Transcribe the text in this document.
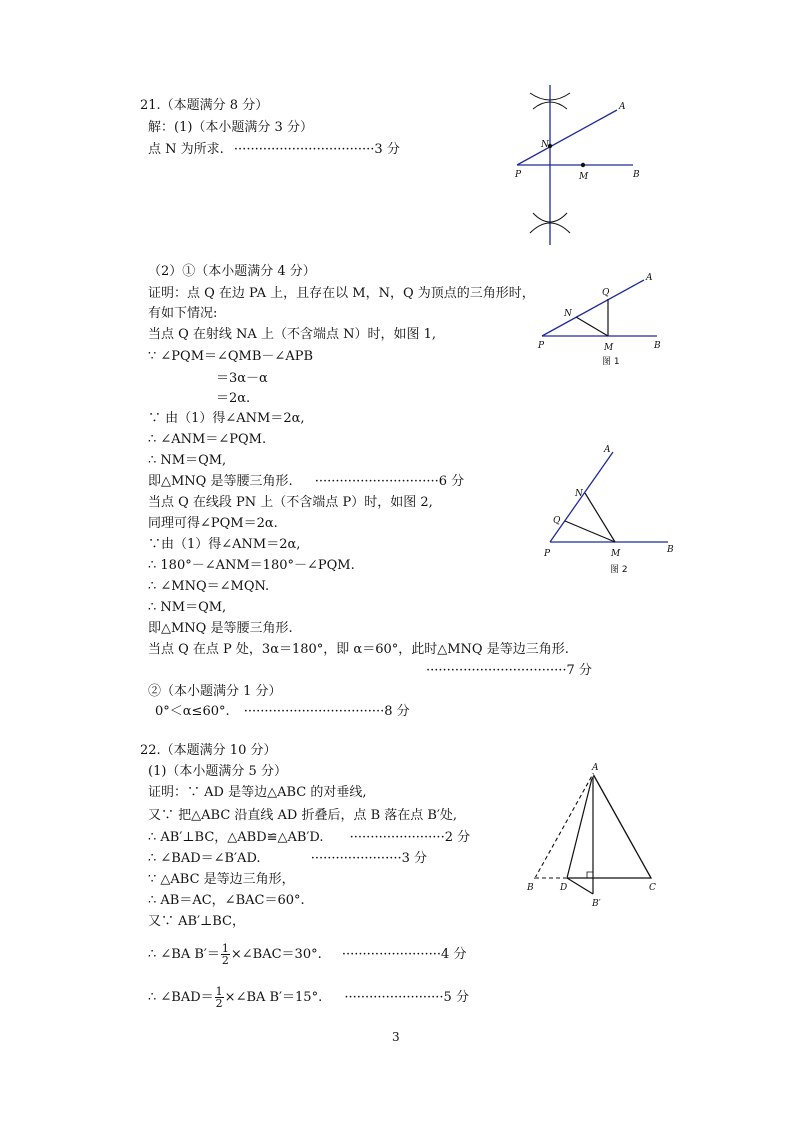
21.（本题满分 8 分）
解：(1)（本小题满分 3 分）
点 N 为所求. ··································3 分
A
N
P	M	B
（2）①（本小题满分 4 分）
证明：点 Q 在边 PA 上，且存在以 M，N，Q 为顶点的三角形时，
有如下情况:
当点 Q 在射线 NA 上（不含端点 N）时，如图 1,
∵ ∠PQM＝∠QMB－∠APB
＝3α－α
＝2α.
∵ 由（1）得∠ANM＝2α,
∴ ∠ANM＝∠PQM.
∴ NM＝QM,
即△MNQ 是等腰三角形. ······························6 分
当点 Q 在线段 PN 上（不含端点 P）时，如图 2,
同理可得∠PQM＝2α.
∵由（1）得∠ANM＝2α,
∴ 180°－∠ANM＝180°－∠PQM.
∴ ∠MNQ＝∠MQN.
∴ NM＝QM,
即△MNQ 是等腰三角形.
当点 Q 在点 P 处，3α＝180°，即 α＝60°，此时△MNQ 是等边三角形.
··································7 分
②（本小题满分 1 分）
0°＜α≤60°. ··································8 分
A
Q
N
P	M	B
图 1
A
N
Q
P	M	B
图 2
22.（本题满分 10 分）
(1)（本小题满分 5 分）
证明：∵ AD 是等边△ABC 的对垂线,
又∵ 把△ABC 沿直线 AD 折叠后，点 B 落在点 B′处,
∴ AB′⊥BC，△ABD≌△AB′D. ·······················2 分
∴ ∠BAD＝∠B′AD.	······················3 分
∵ △ABC 是等边三角形，
∴ AB＝AC，∠BAC＝60°.
又∵ AB′⊥BC，
∴ ∠BA $B'= \frac{1}{2}$ ×∠BAC＝30°. ························4 分
∴ ∠BAD＝ $\frac{1}{2}$ ×∠BA B′＝15°. ························5 分
A
B	D	C
B′
3
